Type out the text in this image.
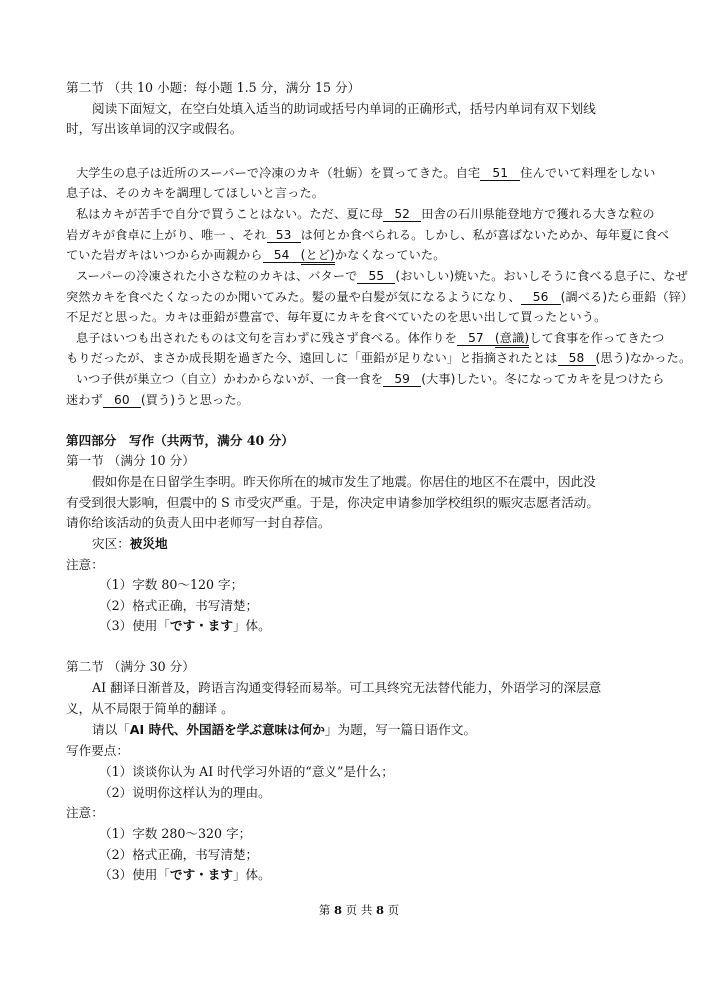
第二节 （共 10 小题：每小题 1.5 分，满分 15 分）
阅读下面短文，在空白处填入适当的助词或括号内单词的正确形式，括号内单词有双下划线
时，写出该单词的汉字或假名。
大学生の息子は近所のスーパーで冷凍のカキ（牡蛎）を買ってきた。自宅 51 住んでいて料理をしない
息子は、そのカキを調理してほしいと言った。
私はカキが苦手で自分で買うことはない。ただ、夏に母 52 田舎の石川県能登地方で獲れる大きな粒の
岩ガキが食卓に上がり、唯一 、それ 53 は何とか食べられる。しかし、私が喜ばないためか、毎年夏に食べ
ていた岩ガキはいつからか両親から 54 (とど)かなくなっていた。
スーパーの冷凍された小さな粒のカキは、バターで 55 (おいしい)焼いた。おいしそうに食べる息子に、なぜ
突然カキを食べたくなったのか聞いてみた。髪の量や白髪が気になるようになり、 56 (調べる)たら亜鉛（锌）
不足だと思った。カキは亜鉛が豊富で、毎年夏にカキを食べていたのを思い出して買ったという。
息子はいつも出されたものは文句を言わずに残さず食べる。体作りを 57 (意識)して食事を作ってきたつ
もりだったが、まさか成長期を過ぎた今、遠回しに「亜鉛が足りない」と指摘されたとは 58 (思う)なかった。
いつ子供が巣立つ（自立）かわからないが、一食一食を 59 (大事)したい。冬になってカキを見つけたら
迷わず 60 (買う)うと思った。
第四部分　写作（共两节，满分 40 分）
第一节 （满分 10 分）
假如你是在日留学生李明。昨天你所在的城市发生了地震。你居住的地区不在震中，因此没
有受到很大影响，但震中的 S 市受灾严重。于是，你决定申请参加学校组织的赈灾志愿者活动。
请你给该活动的负责人田中老师写一封自荐信。
灾区：被災地
注意：
（1）字数 80～120 字；
（2）格式正确，书写清楚；
（3）使用「です・ます」体。
第二节 （满分 30 分）
AI 翻译日渐普及，跨语言沟通变得轻而易举。可工具终究无法替代能力，外语学习的深层意
义，从不局限于简单的翻译 。
请以「AI 時代、外国語を学ぶ意味は何か」为题，写一篇日语作文。
写作要点：
（1）谈谈你认为 AI 时代学习外语的“意义”是什么；
（2）说明你这样认为的理由。
注意：
（1）字数 280～320 字；
（2）格式正确，书写清楚；
（3）使用「です・ます」体。
第 8 页 共 8 页
